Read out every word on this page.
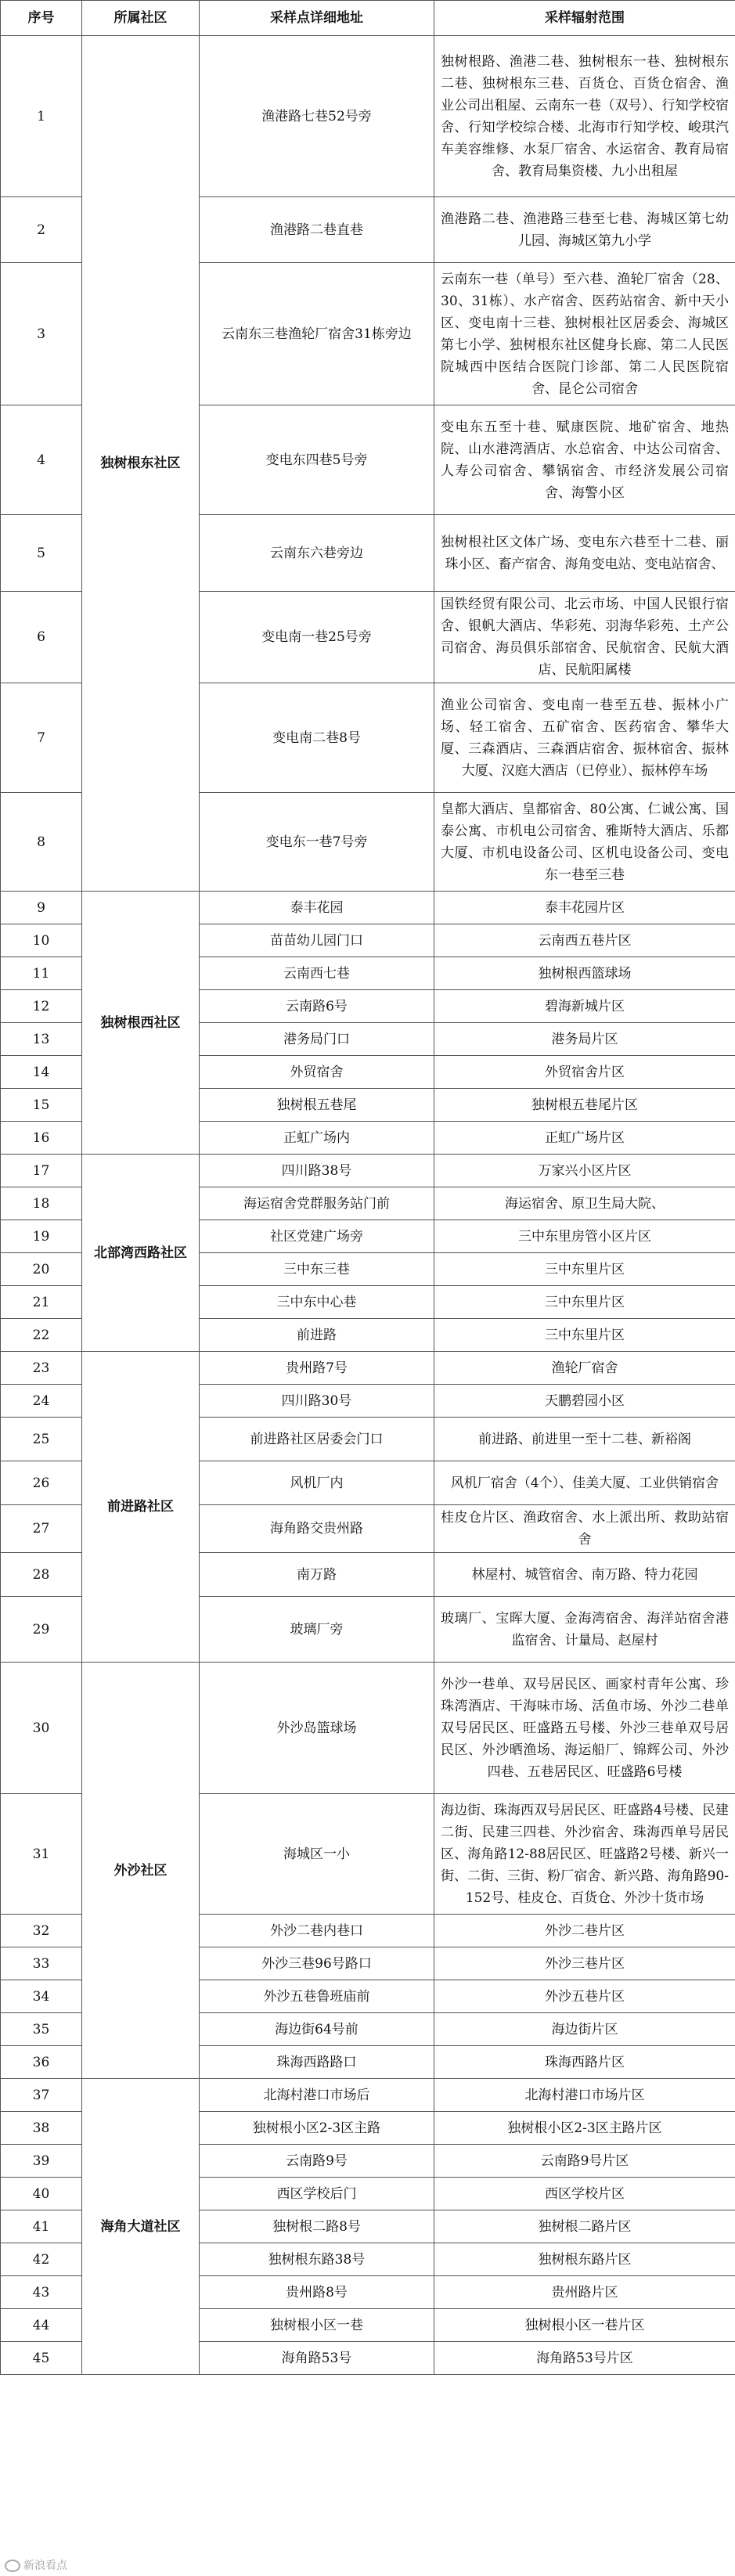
序号	所属社区	采样点详细地址	采样辐射范围
1	独树根东社区	渔港路七巷52号旁	独树根路、渔港二巷、独树根东一巷、独树根东二巷、独树根东三巷、百货仓、百货仓宿舍、渔业公司出租屋、云南东一巷（双号）、行知学校宿舍、行知学校综合楼、北海市行知学校、峻琪汽车美容维修、水泵厂宿舍、水运宿舍、教育局宿舍、教育局集资楼、九小出租屋
2		渔港路二巷直巷	渔港路二巷、渔港路三巷至七巷、海城区第七幼儿园、海城区第九小学
3		云南东三巷渔轮厂宿舍31栋旁边	云南东一巷（单号）至六巷、渔轮厂宿舍（28、30、31栋）、水产宿舍、医药站宿舍、新中天小区、变电南十三巷、独树根社区居委会、海城区第七小学、独树根东社区健身长廊、第二人民医院城西中医结合医院门诊部、第二人民医院宿舍、昆仑公司宿舍
4		变电东四巷5号旁	变电东五至十巷、赋康医院、地矿宿舍、地热院、山水港湾酒店、水总宿舍、中达公司宿舍、人寿公司宿舍、攀锅宿舍、市经济发展公司宿舍、海警小区
5		云南东六巷旁边	独树根社区文体广场、变电东六巷至十二巷、丽珠小区、畜产宿舍、海角变电站、变电站宿舍、
6		变电南一巷25号旁	国铁经贸有限公司、北云市场、中国人民银行宿舍、银帆大酒店、华彩苑、羽海华彩苑、土产公司宿舍、海员俱乐部宿舍、民航宿舍、民航大酒店、民航阳属楼
7		变电南二巷8号	渔业公司宿舍、变电南一巷至五巷、振林小广场、轻工宿舍、五矿宿舍、医药宿舍、攀华大厦、三森酒店、三森酒店宿舍、振林宿舍、振林大厦、汉庭大酒店（已停业）、振林停车场
8		变电东一巷7号旁	皇都大酒店、皇都宿舍、80公寓、仁诚公寓、国泰公寓、市机电公司宿舍、雅斯特大酒店、乐都大厦、市机电设备公司、区机电设备公司、变电东一巷至三巷
9	独树根西社区	泰丰花园	泰丰花园片区
10		苗苗幼儿园门口	云南西五巷片区
11		云南西七巷	独树根西篮球场
12		云南路6号	碧海新城片区
13		港务局门口	港务局片区
14		外贸宿舍	外贸宿舍片区
15		独树根五巷尾	独树根五巷尾片区
16		正虹广场内	正虹广场片区
17	北部湾西路社区	四川路38号	万家兴小区片区
18		海运宿舍党群服务站门前	海运宿舍、原卫生局大院、
19		社区党建广场旁	三中东里房管小区片区
20		三中东三巷	三中东里片区
21		三中东中心巷	三中东里片区
22		前进路	三中东里片区
23	前进路社区	贵州路7号	渔轮厂宿舍
24		四川路30号	天鹏碧园小区
25		前进路社区居委会门口	前进路、前进里一至十二巷、新裕阁
26		风机厂内	风机厂宿舍（4个）、佳美大厦、工业供销宿舍
27		海角路交贵州路	桂皮仓片区、渔政宿舍、水上派出所、救助站宿舍
28		南万路	林屋村、城管宿舍、南万路、特力花园
29		玻璃厂旁	玻璃厂、宝晖大厦、金海湾宿舍、海洋站宿舍港监宿舍、计量局、赵屋村
30	外沙社区	外沙岛篮球场	外沙一巷单、双号居民区、画家村青年公寓、珍珠湾酒店、干海味市场、活鱼市场、外沙二巷单双号居民区、旺盛路五号楼、外沙三巷单双号居民区、外沙晒渔场、海运船厂、锦辉公司、外沙四巷、五巷居民区、旺盛路6号楼
31		海城区一小	海边街、珠海西双号居民区、旺盛路4号楼、民建二街、民建三四巷、外沙宿舍、珠海西单号居民区、海角路12-88居民区、旺盛路2号楼、新兴一街、二街、三街、粉厂宿舍、新兴路、海角路90-152号、桂皮仓、百货仓、外沙十货市场
32		外沙二巷内巷口	外沙二巷片区
33		外沙三巷96号路口	外沙三巷片区
34		外沙五巷鲁班庙前	外沙五巷片区
35		海边街64号前	海边街片区
36		珠海西路路口	珠海西路片区
37	海角大道社区	北海村港口市场后	北海村港口市场片区
38		独树根小区2-3区主路	独树根小区2-3区主路片区
39		云南路9号	云南路9号片区
40		西区学校后门	西区学校片区
41		独树根二路8号	独树根二路片区
42		独树根东路38号	独树根东路片区
43		贵州路8号	贵州路片区
44		独树根小区一巷	独树根小区一巷片区
45		海角路53号	海角路53号片区
新浪看点
